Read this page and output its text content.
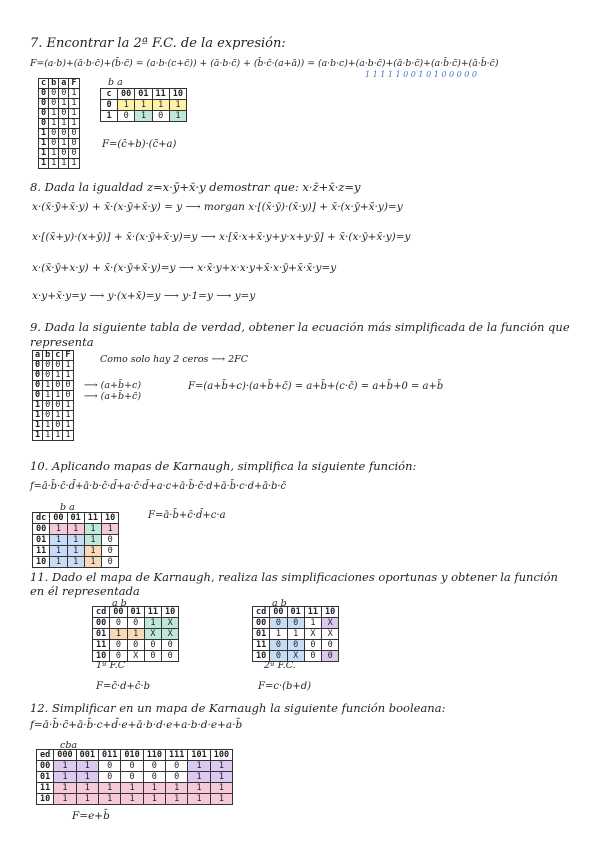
7. Encontrar la 2ª F.C. de la expresión:
F=(a·b)+(ā·b·c̄)+(b̄·c̄) = (a·b·(c+c̄)) + (ā·b·c̄) + (b̄·c̄·(a+ā)) = (a·b·c)+(a·b·c̄)+(ā·b·c̄)+(a·b̄·c̄)+(ā·b̄·c̄)
1 1 1 1 1 0 0 1 0 1 0 0 0 0 0
c	b	a	F
0	0	0	1
0	0	1	1
0	1	0	1
0	1	1	1
1	0	0	0
1	0	1	0
1	1	0	0
1	1	1	1
b a
c	00	01	11	10
0	1	1	1	1
1	0	1	0	1
F=(c̄+b)·(c̄+a)
8. Dada la igualdad z=x·ȳ+x̄·y demostrar que: x·z̄+x̄·z=y
x·(x̄·ȳ̄+x̄·y) + x̄·(x·ȳ+x̄·y) = y ⟶ morgan x·[(x̄·ȳ)·(x̄·y)] + x̄·(x·ȳ+x̄·y)=y
x·[(x̄+y)·(x+ȳ)] + x̄·(x·ȳ+x̄·y)=y ⟶ x·[x̄·x+x̄·y+y·x+y·ȳ] + x̄·(x·ȳ+x̄·y)=y
x·(x̄·ȳ+x·y) + x̄·(x·ȳ+x̄·y)=y ⟶ x·x̄·y+x·x·y+x̄·x·ȳ+x̄·x̄·y=y
x·y+x̄·y=y ⟶ y·(x+x̄)=y ⟶ y·1=y ⟶ y=y
9. Dada la siguiente tabla de verdad, obtener la ecuación más simplificada de la función que representa
a	b	c	F
0	0	0	1
0	0	1	1
0	1	0	0
0	1	1	0
1	0	0	1
1	0	1	1
1	1	0	1
1	1	1	1
Como solo hay 2 ceros ⟶ 2FC
⟶ (a+b̄+c)
⟶ (a+b̄+c̄)
F=(a+b̄+c)·(a+b̄+c̄) = a+b̄+(c·c̄) = a+b̄+0 = a+b̄
10. Aplicando mapas de Karnaugh, simplifica la siguiente función:
f=ā·b̄·c̄·d̄+ā·b·c̄·d̄+a·c̄·d̄+a·c+ā·b̄·c̄·d+ā·b̄·c·d+ā·b·c̄
b a
dc	00	01	11	10
00	1	1	1	1
01	1	1	1	0
11	1	1	1	0
10	1	1	1	0
F=ā·b̄+c̄·d̄+c·a
11. Dado el mapa de Karnaugh, realiza las simplificaciones oportunas y obtener la función en él representada
a b
cd	00	01	11	10
00	0	0	1	X
01	1	1	X	X
11	0	0	0	0
10	0	X	0	0
1ª F.C
F=c̄·d+c̄·b
a b
cd	00	01	11	10
00	0	0	1	X
01	1	1	X	X
11	0	0	0	0
10	0	X	0	0
2ª F.C.
F=c·(b+d)
12. Simplificar en un mapa de Karnaugh la siguiente función booleana:
f=ā·b̄·c̄+ā·b̄·c+d̄·e+ā·b·d·e+a·b·d·e+a·b̄
cba
ed	000	001	011	010	110	111	101	100
00	1	1	0	0	0	0	1	1
01	1	1	0	0	0	0	1	1
11	1	1	1	1	1	1	1	1
10	1	1	1	1	1	1	1	1
F=e+b̄
